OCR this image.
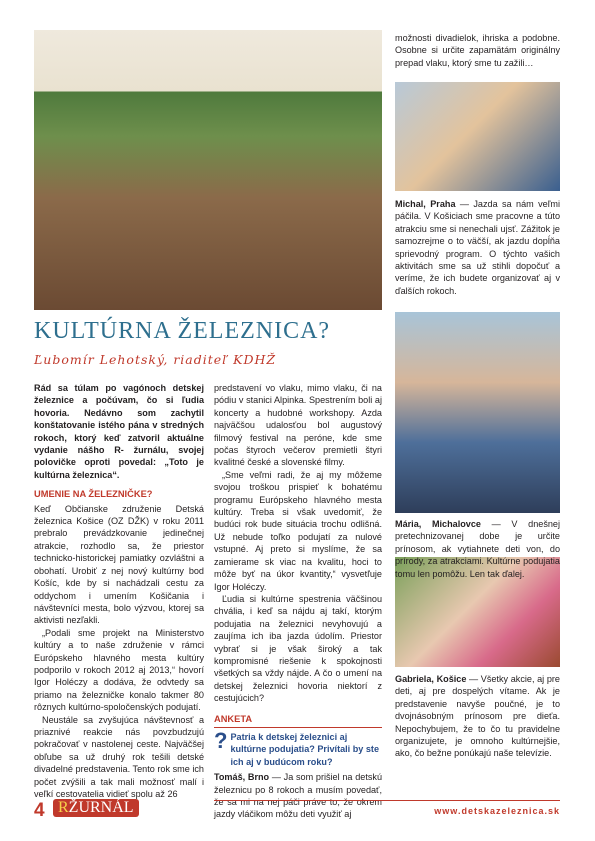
KULTÚRNA ŽELEZNICA?
Ľubomír Lehotský, riaditeľ KDHŽ

Rád sa túlam po vagónoch detskej železnice a počúvam, čo si ľudia hovoria. Nedávno som zachytil konštatovanie istého pána v stredných rokoch, ktorý keď zatvoril aktuálne vydanie nášho R- žurnálu, svojej polovičke oproti povedal: „Toto je kultúrna železnica“.

UMENIE NA ŽELEZNIČKE?

Keď Občianske združenie Detská železnica Košice (OZ DŽK) v roku 2011 prebralo prevádzkovanie jedinečnej atrakcie, rozhodlo sa, že priestor technicko-historickej pamiatky ozvláštni a obohatí. Urobiť z nej nový kultúrny bod Košíc, kde by si nachádzali cestu za oddychom i umením Košičania i návštevníci mesta, bolo výzvou, ktorej sa aktivisti nezľakli.

„Podali sme projekt na Ministerstvo kultúry a to naše združenie v rámci Európskeho hlavného mesta kultúry podporilo v rokoch 2012 aj 2013,“ hovorí Igor Holéczy a dodáva, že odvtedy sa priamo na železničke konalo takmer 80 rôznych kultúrno-spoločenských podujatí.

Neustále sa zvyšujúca návštevnosť a priaznivé reakcie nás povzbudzujú pokračovať v nastolenej ceste. Najväčšej obľube sa už druhý rok tešili detské divadelné predstavenia. Tento rok sme ich počet zvýšili a tak mali možnosť malí i veľkí cestovatelia vidieť spolu až 26

predstavení vo vlaku, mimo vlaku, či na pódiu v stanici Alpinka. Spestrením boli aj koncerty a hudobné workshopy. Azda najväčšou udalosťou bol augustový filmový festival na peróne, kde sme počas štyroch večerov premietli štyri kvalitné české a slovenské filmy.

„Sme veľmi radi, že aj my môžeme svojou troškou prispieť k bohatému programu Európskeho hlavného mesta kultúry. Treba si však uvedomiť, že budúci rok bude situácia trochu odlišná. Už nebude toľko podujatí za nulové vstupné. Aj preto si myslíme, že sa zamierame sk viac na kvalitu, hoci to môže byť na úkor kvantity,“ vysvetľuje Igor Holéczy.

Ľudia si kultúrne spestrenia väčšinou chvália, i keď sa nájdu aj takí, ktorým podujatia na železnici nevyhovujú a zaujíma ich iba jazda údolím. Priestor vybrať si je však široký a tak kompromisné riešenie k spokojnosti všetkých sa vždy nájde. A čo o umení na detskej železnici hovoria niektorí z cestujúcich?

ANKETA

? Patria k detskej železnici aj kultúrne podujatia? Privítali by ste ich aj v budúcom roku?

Tomáš, Brno — Ja som prišiel na detskú železnicu po 8 rokoch a musím povedať, že sa mi na nej páči práve to, že okrem jazdy vláčikom môžu deti využiť aj

možnosti divadielok, ihriska a podobne. Osobne si určite zapamätám originálny prepad vlaku, ktorý sme tu zažili…

Michal, Praha — Jazda sa nám veľmi páčila. V Košiciach sme pracovne a túto atrakciu sme si nenechali ujsť. Zážitok je samozrejme o to väčší, ak jazdu dopĺňa sprievodný program. O týchto vašich aktivitách sme sa už stihli dopočuť a veríme, že ich budete organizovať aj v ďalších rokoch.

Mária, Michalovce — V dnešnej pretechnizovanej dobe je určite prínosom, ak vytiahnete deti von, do prírody, za atrakciami. Kultúrne podujatia tomu len pomôžu. Len tak ďalej.

Gabriela, Košice — Všetky akcie, aj pre deti, aj pre dospelých vítame. Ak je predstavenie navyše poučné, je to dvojnásobným prínosom pre dieťa. Nepochybujem, že to čo tu pravidelne organizujete, je omnoho kultúrnejšie, ako, čo bežne ponúkajú naše televízie.

4 RŽURNÁL	www.detskazeleznica.sk
